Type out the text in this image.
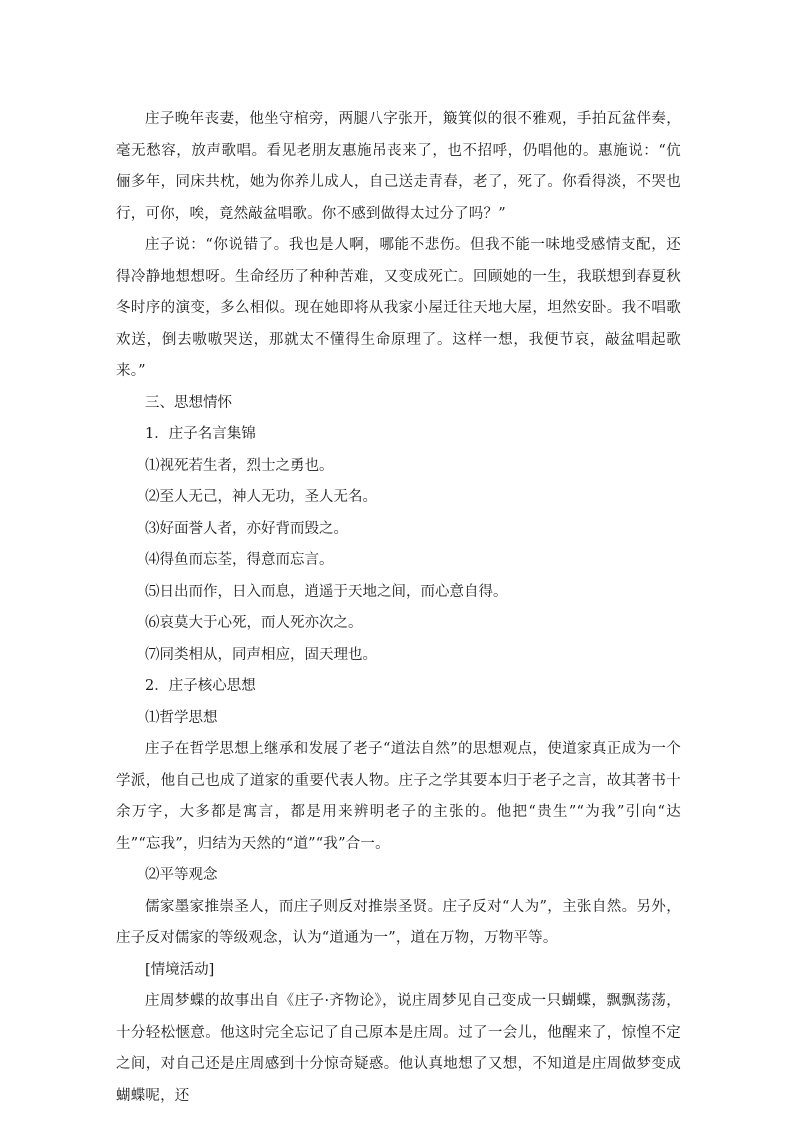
庄子晚年丧妻，他坐守棺旁，两腿八字张开，簸箕似的很不雅观，手拍瓦盆伴奏，毫无愁容，放声歌唱。看见老朋友惠施吊丧来了，也不招呼，仍唱他的。惠施说：“伉俪多年，同床共枕，她为你养儿成人，自己送走青春，老了，死了。你看得淡，不哭也行，可你，唉，竟然敲盆唱歌。你不感到做得太过分了吗？”

庄子说：“你说错了。我也是人啊，哪能不悲伤。但我不能一味地受感情支配，还得冷静地想想呀。生命经历了种种苦难，又变成死亡。回顾她的一生，我联想到春夏秋冬时序的演变，多么相似。现在她即将从我家小屋迁往天地大屋，坦然安卧。我不唱歌欢送，倒去嗷嗷哭送，那就太不懂得生命原理了。这样一想，我便节哀，敲盆唱起歌来。”

三、思想情怀

1．庄子名言集锦

⑴视死若生者，烈士之勇也。

⑵至人无己，神人无功，圣人无名。

⑶好面誉人者，亦好背而毁之。

⑷得鱼而忘荃，得意而忘言。

⑸日出而作，日入而息，逍遥于天地之间，而心意自得。

⑹哀莫大于心死，而人死亦次之。

⑺同类相从，同声相应，固天理也。

2．庄子核心思想

⑴哲学思想

庄子在哲学思想上继承和发展了老子“道法自然”的思想观点，使道家真正成为一个学派，他自己也成了道家的重要代表人物。庄子之学其要本归于老子之言，故其著书十余万字，大多都是寓言，都是用来辨明老子的主张的。他把“贵生”“为我”引向“达生”“忘我”，归结为天然的“道”“我”合一。

⑵平等观念

儒家墨家推崇圣人，而庄子则反对推崇圣贤。庄子反对“人为”，主张自然。另外，庄子反对儒家的等级观念，认为“道通为一”，道在万物，万物平等。

[情境活动]

庄周梦蝶的故事出自《庄子·齐物论》，说庄周梦见自己变成一只蝴蝶，飘飘荡荡，十分轻松惬意。他这时完全忘记了自己原本是庄周。过了一会儿，他醒来了，惊惶不定之间，对自己还是庄周感到十分惊奇疑惑。他认真地想了又想，不知道是庄周做梦变成蝴蝶呢，还
